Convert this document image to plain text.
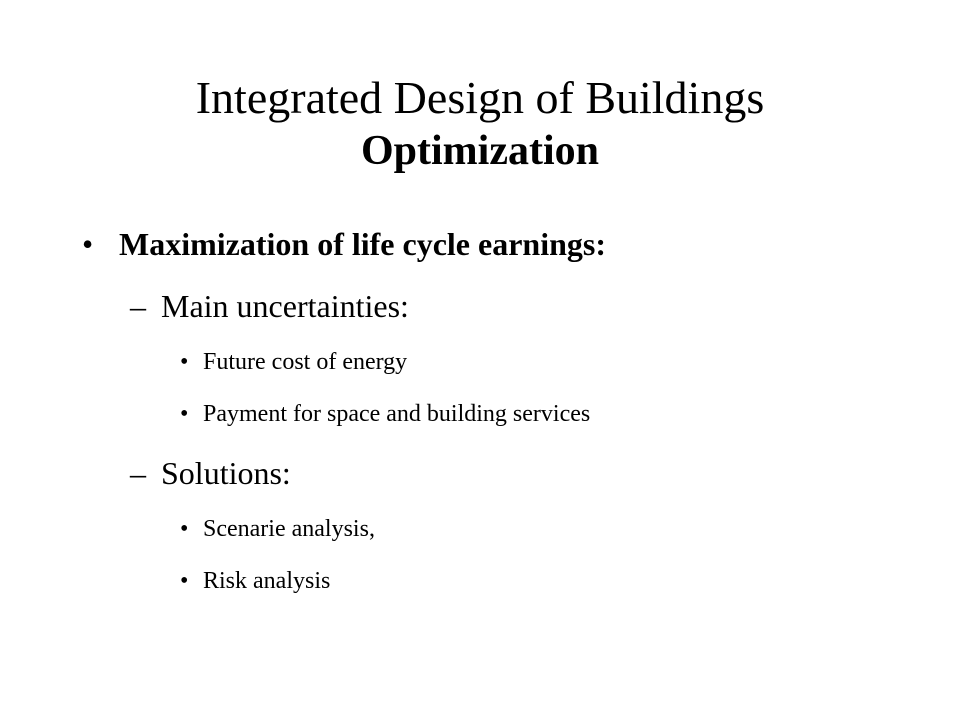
Integrated Design of Buildings
Optimization
• Maximization of life cycle earnings:
– Main uncertainties:
• Future cost of energy
• Payment for space and building services
– Solutions:
• Scenarie analysis,
• Risk analysis
